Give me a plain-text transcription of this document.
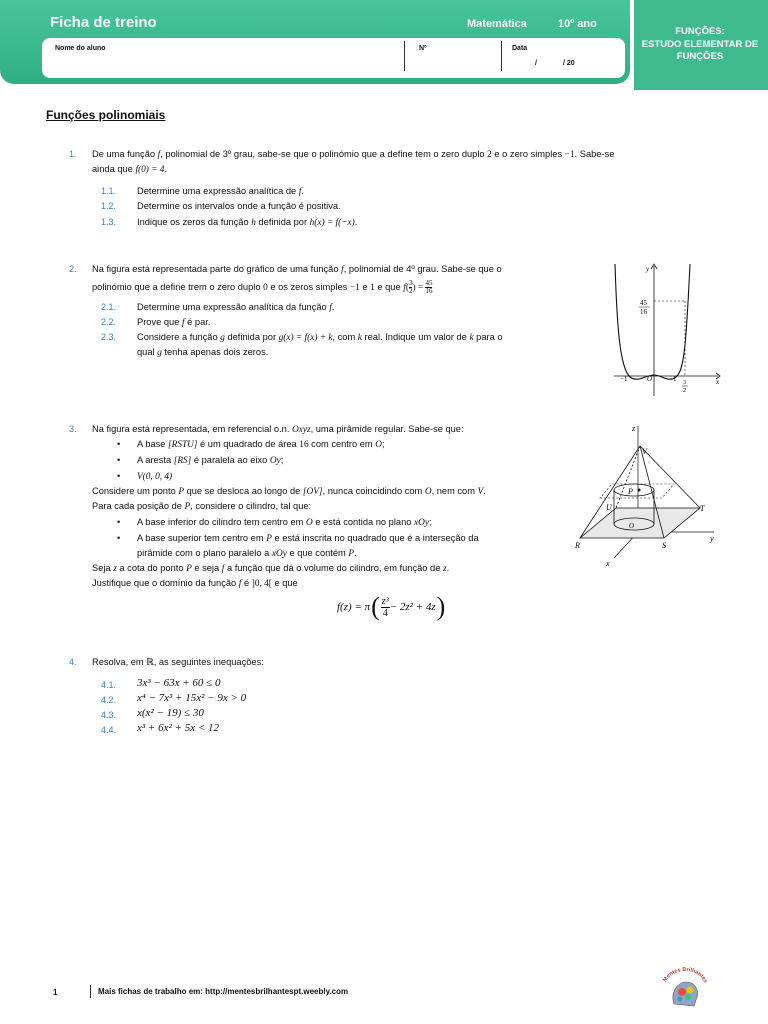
Ficha de treino	Matemática	10º ano
Nome do aluno	Nº	Data
/	/ 20
FUNÇÕES:
ESTUDO ELEMENTAR DE FUNÇÕES
Funções polinomiais
1. De uma função f, polinomial de 3º grau, sabe-se que o polinómio que a define tem o zero duplo 2 e o zero simples −1. Sabe-se
ainda que f(0) = 4.
1.1. Determine uma expressão analítica de f.
1.2. Determine os intervalos onde a função é positiva.
1.3. Indique os zeros da função h definida por h(x) = f(−x).
2. Na figura está representada parte do gráfico de uma função f, polinomial de 4º grau. Sabe-se que o
polinómio que a define trem o zero duplo 0 e os zeros simples −1 e 1 e que $f( \frac{3}{2}$ ) = $\frac{45}{16}$
2.1. Determine uma expressão analítica da função f.
2.2. Prove que f é par.
2.3. Considere a função g definida por g(x) = f(x) + k, com k real. Indique um valor de k para o
qual g tenha apenas dois zeros.
y
x
45
16
−1	O	1 3
2
3. Na figura está representada, em referencial o.n. Oxyz, uma pirâmide regular. Sabe-se que:
• A base [RSTU] é um quadrado de área 16 com centro em O;
• A aresta [RS] é paralela ao eixo Oy;
• V(0, 0, 4)
Considere um ponto P que se desloca ao longo de [OV], nunca coincidindo com O, nem com V.
Para cada posição de P, considere o cilindro, tal que:
• A base inferior do cilindro tem centro em O e está contida no plano xOy;
• A base superior tem centro em P e está inscrita no quadrado que é a interseção da
pirâmide com o plano paralelo a xOy e que contém P.
Seja z a cota do ponto P e seja f a função que dá o volume do cilindro, em função de z.
Justifique que o domínio da função f é ]0, 4[ e que
f(z) = π ( z³
4 − 2z² + 4z )
z
V
P
U	T
R	S
y
x
O
4. Resolva, em ℝ, as seguintes inequações:
4.1. 3x³ − 63x + 60 ≤ 0
4.2. x⁴ − 7x³ + 15x² − 9x > 0
4.3. x(x² − 19) ≤ 30
4.4. x³ + 6x² + 5x < 12
1	Mais fichas de trabalho em: http://mentesbrilhantespt.weebly.com
Mentes Brilhantes
